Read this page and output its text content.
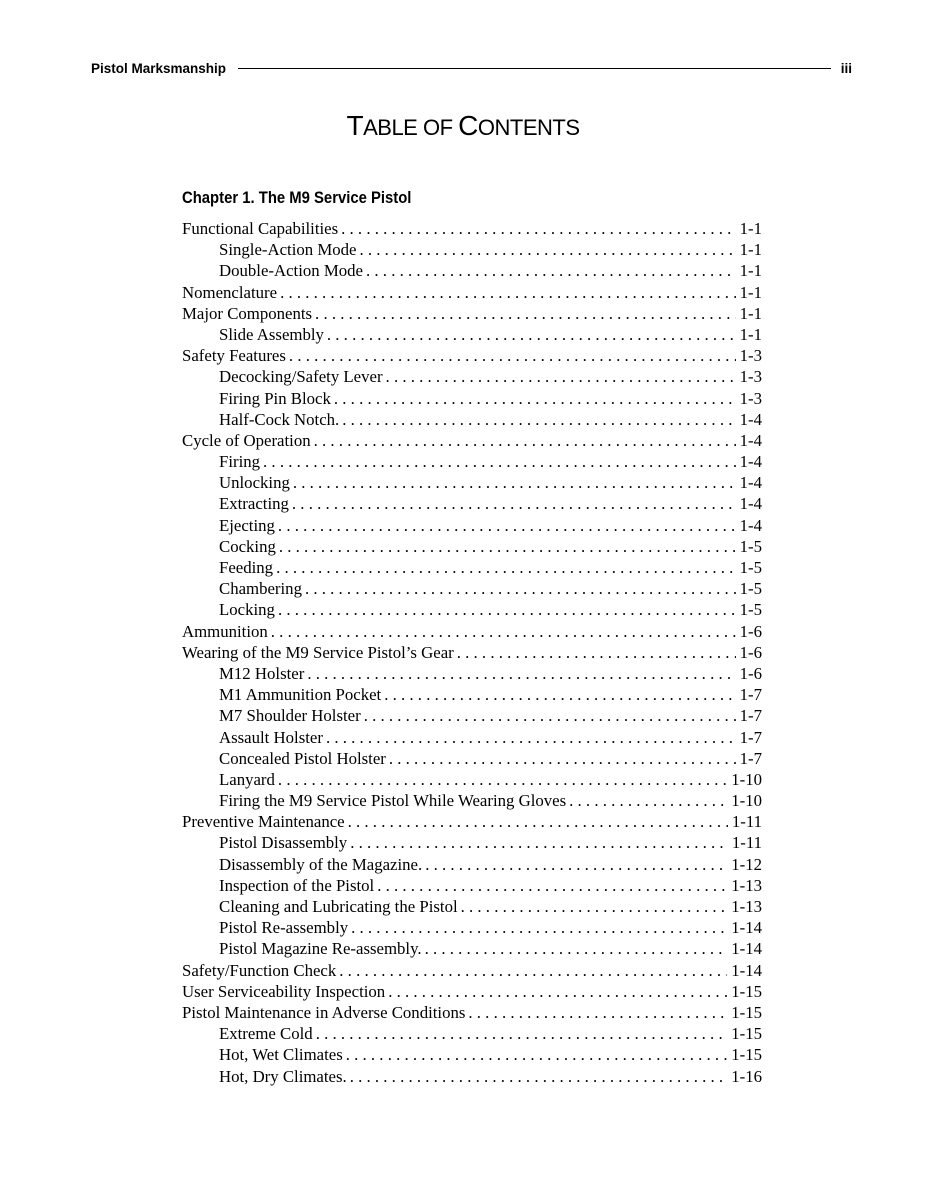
Pistol Marksmanship	iii
TABLE OF CONTENTS
Chapter 1. The M9 Service Pistol
Functional Capabilities . . .	1-1
Single-Action Mode . . .	1-1
Double-Action Mode . . .	1-1
Nomenclature . . .	1-1
Major Components . . .	1-1
Slide Assembly . . .	1-1
Safety Features . . .	1-3
Decocking/Safety Lever . . .	1-3
Firing Pin Block . . .	1-3
Half-Cock Notch. . . .	1-4
Cycle of Operation . . .	1-4
Firing . . .	1-4
Unlocking . . .	1-4
Extracting . . .	1-4
Ejecting . . .	1-4
Cocking . . .	1-5
Feeding . . .	1-5
Chambering . . .	1-5
Locking . . .	1-5
Ammunition . . .	1-6
Wearing of the M9 Service Pistol’s Gear . . .	1-6
M12 Holster . . .	1-6
M1 Ammunition Pocket . . .	1-7
M7 Shoulder Holster . . .	1-7
Assault Holster . . .	1-7
Concealed Pistol Holster . . .	1-7
Lanyard . . .	1-10
Firing the M9 Service Pistol While Wearing Gloves . . .	1-10
Preventive Maintenance . . .	1-11
Pistol Disassembly . . .	1-11
Disassembly of the Magazine. . . .	1-12
Inspection of the Pistol . . .	1-13
Cleaning and Lubricating the Pistol . . .	1-13
Pistol Re-assembly . . .	1-14
Pistol Magazine Re-assembly. . . .	1-14
Safety/Function Check . . .	1-14
User Serviceability Inspection . . .	1-15
Pistol Maintenance in Adverse Conditions . . .	1-15
Extreme Cold . . .	1-15
Hot, Wet Climates . . .	1-15
Hot, Dry Climates. . . .	1-16
